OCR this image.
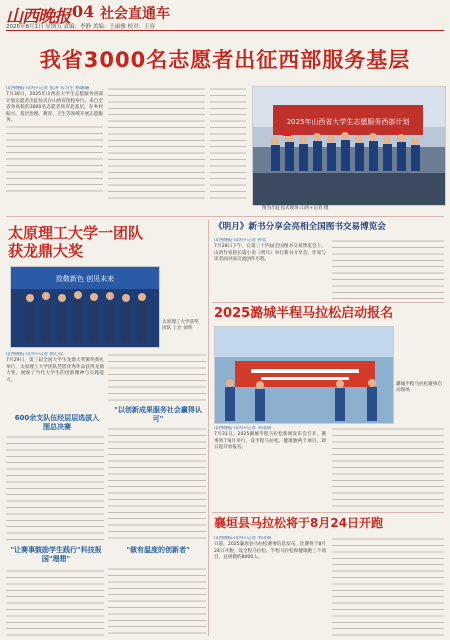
山西晚报 04 社会直通车
2025年8月1日 星期五 责编：李静 美编：王丽雅 校对：王容
我省3000名志愿者出征西部服务基层
山西晚报·山河+记者 张涛 实习生 杨璐璐
7月30日，2025年山西省大学生志愿服务西部计划志愿者出征仪式在山西省团校举行。来自全省各高校的3000名志愿者将奔赴基层，在乡村振兴、基层治理、教育、卫生等领域开展志愿服务。	2025年山西省大学生志愿服务西部计划
图为出征仪式现场 山河+记者 摄
太原理工大学一团队
获龙鼎大奖
致敬新色 创见未来
太原理工大学获奖团队 上台 领奖
山西晚报·山河+记者 郭心仪
7月29日，第三届全国大学生龙鼎大奖颁奖典礼举行，太原理工大学团队凭借优秀作品获得龙鼎大奖，展现了当代大学生的创新精神与实践能力。
600余支队伍经层层选拔入围总决赛
"让赛事鼓励学生践行"科技报国"理想"
"以创新成果服务社会赢得认可"
"做有温度的创新者"
《明月》新书分享会亮相全国图书交易博览会
山西晚报·山河+记者 孙佳
7月28日下午，在第三十四届全国图书交易博览会上，山西作家的长篇小说《明月》举行新书分享会，作家与读者面对面交流创作历程。
2025潞城半程马拉松启动报名
潞城半程马拉松赛事启动现场
山西晚报·山河+记者 李雨萌
7月31日，2025潞城半程马拉松新闻发布会召开，赛事将于8月举行，设半程马拉松、健康跑两个项目，即日起开放报名。
襄垣县马拉松将于8月24日开跑
山西晚报·山河+记者 李雨萌
日前，2025襄垣县马拉松赛事信息发布，比赛将于8月24日开跑，设全程马拉松、半程马拉松和健康跑三个项目，总规模约8000人。
